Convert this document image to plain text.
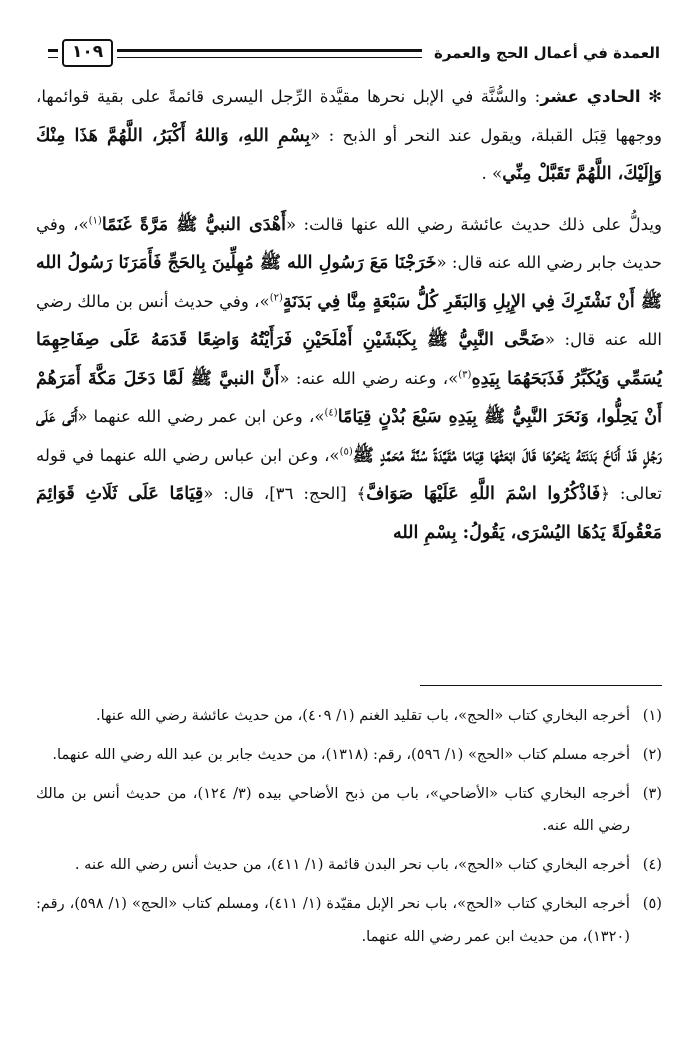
العمدة في أعمال الحج والعمرة
١٠٩

✻ الحادي عشر: والسُّنَّة في الإبل نحرها مقيَّدة الرِّجل اليسرى قائمةً على بقية قوائمها، ووجهها قِبَل القبلة، ويقول عند النحر أو الذبح : «بِسْمِ اللهِ، وَاللهُ أَكْبَرُ، اللَّهُمَّ هَذَا مِنْكَ وَإِلَيْكَ، اللَّهُمَّ تَقَبَّلْ مِنِّي» .

ويدلُّ على ذلك حديث عائشة رضي الله عنها قالت: «أَهْدَى النبيُّ ﷺ مَرَّةً غَنَمًا$^{(١)}$»، وفي حديث جابر رضي الله عنه قال: «خَرَجْنَا مَعَ رَسُولِ الله ﷺ مُهِلِّينَ بِالحَجِّ فَأَمَرَنَا رَسُولُ الله ﷺ أَنْ نَشْتَرِكَ فِي الإِبِلِ وَالبَقَرِ كُلُّ سَبْعَةٍ مِنَّا فِي بَدَنَةٍ$^{(٢)}$»، وفي حديث أنس بن مالك رضي الله عنه قال: «ضَحَّى النَّبِيُّ ﷺ بِكَبْشَيْنِ أَمْلَحَيْنِ فَرَأَيْتُهُ وَاضِعًا قَدَمَهُ عَلَى صِفَاحِهِمَا يُسَمِّي وَيُكَبِّرُ فَذَبَحَهُمَا بِيَدِهِ$^{(٣)}$»، وعنه رضي الله عنه: «أَنَّ النبيَّ ﷺ لَمَّا دَخَلَ مَكَّةَ أَمَرَهُمْ أَنْ يَحِلُّوا، وَنَحَرَ النَّبِيُّ ﷺ بِيَدِهِ سَبْعَ بُدْنٍ قِيَامًا$^{(٤)}$»، وعن ابن عمر رضي الله عنهما «أَتَى عَلَى رَجُلٍ قَدْ أَنَاخَ بَدَنَتَهُ يَنْحَرُهَا قَالَ ابْعَثْهَا قِيَامًا مُقَيَّدَةً سُنَّةَ مُحَمَّدٍ ﷺ$^{(٥)}$»، وعن ابن عباس رضي الله عنهما في قوله تعالى: ﴿فَاذْكُرُوا اسْمَ اللَّهِ عَلَيْهَا صَوَافَّ﴾ [الحج: ٣٦]، قال: «قِيَامًا عَلَى ثَلَاثِ قَوَائِمَ مَعْقُولَةً يَدُهَا اليُسْرَى، يَقُولُ: بِسْمِ الله

(١)
أخرجه البخاري كتاب «الحج»، باب تقليد الغنم (١/ ٤٠٩)، من حديث عائشة رضي الله عنها.
(٢)
أخرجه مسلم كتاب «الحج» (١/ ٥٩٦)، رقم: (١٣١٨)، من حديث جابر بن عبد الله رضي الله عنهما.
(٣)
أخرجه البخاري كتاب «الأضاحي»، باب من ذبح الأضاحي بيده (٣/ ١٢٤)، من حديث أنس بن مالك رضي الله عنه.
(٤)
أخرجه البخاري كتاب «الحج»، باب نحر البدن قائمة (١/ ٤١١)، من حديث أنس رضي الله عنه .
(٥)
أخرجه البخاري كتاب «الحج»، باب نحر الإبل مقيّدة (١/ ٤١١)، ومسلم كتاب «الحج» (١/ ٥٩٨)، رقم: (١٣٢٠)، من حديث ابن عمر رضي الله عنهما.
